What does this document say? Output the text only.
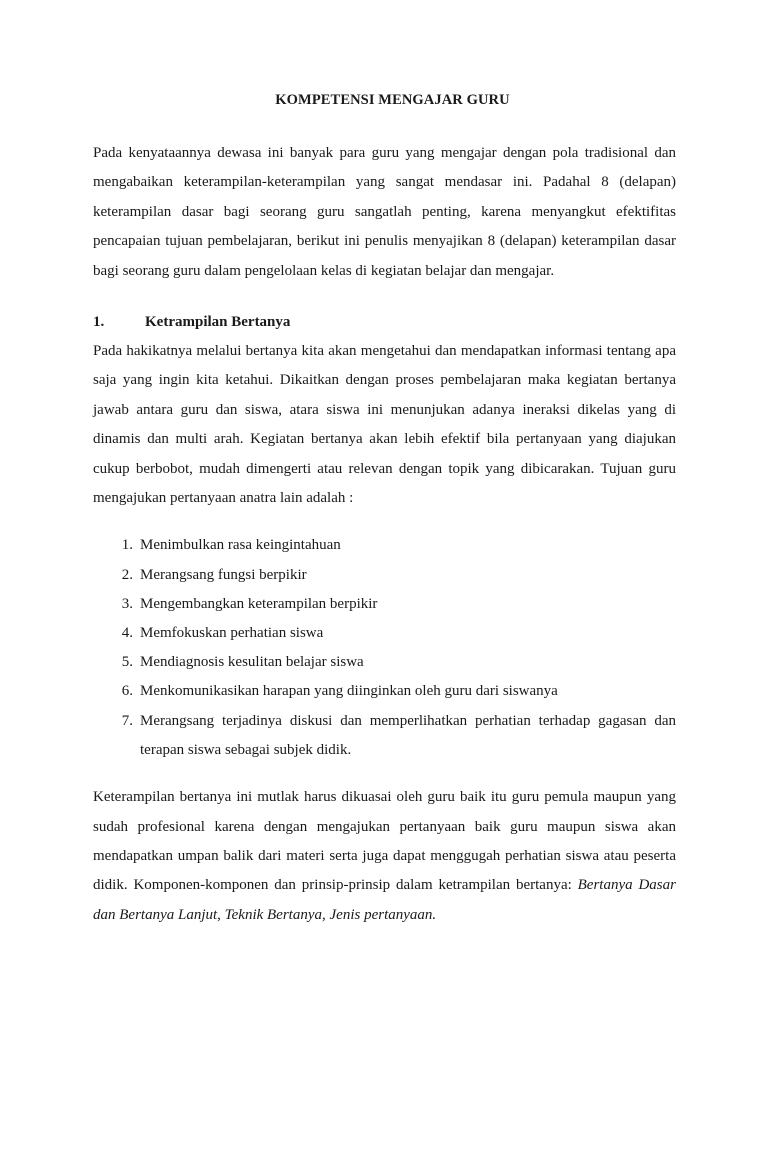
KOMPETENSI MENGAJAR GURU

Pada kenyataannya dewasa ini banyak para guru yang mengajar dengan pola tradisional dan mengabaikan keterampilan-keterampilan yang sangat mendasar ini. Padahal 8 (delapan) keterampilan dasar bagi seorang guru sangatlah penting, karena menyangkut efektifitas pencapaian tujuan pembelajaran, berikut ini penulis menyajikan 8 (delapan) keterampilan dasar bagi seorang guru dalam pengelolaan kelas di kegiatan belajar dan mengajar.

1.	Ketrampilan Bertanya

Pada hakikatnya melalui bertanya kita akan mengetahui dan mendapatkan informasi tentang apa saja yang ingin kita ketahui. Dikaitkan dengan proses pembelajaran maka kegiatan bertanya jawab antara guru dan siswa, atara siswa ini menunjukan adanya ineraksi dikelas yang di dinamis dan multi arah. Kegiatan bertanya akan lebih efektif bila pertanyaan yang diajukan cukup berbobot, mudah dimengerti atau relevan dengan topik yang dibicarakan. Tujuan guru mengajukan pertanyaan anatra lain adalah :

1. Menimbulkan rasa keingintahuan
2. Merangsang fungsi berpikir
3. Mengembangkan keterampilan berpikir
4. Memfokuskan perhatian siswa
5. Mendiagnosis kesulitan belajar siswa
6. Menkomunikasikan harapan yang diinginkan oleh guru dari siswanya
7. Merangsang terjadinya diskusi dan memperlihatkan perhatian terhadap gagasan dan terapan siswa sebagai subjek didik.

Keterampilan bertanya ini mutlak harus dikuasai oleh guru baik itu guru pemula maupun yang sudah profesional karena dengan mengajukan pertanyaan baik guru maupun siswa akan mendapatkan umpan balik dari materi serta juga dapat menggugah perhatian siswa atau peserta didik. Komponen-komponen dan prinsip-prinsip dalam ketrampilan bertanya: Bertanya Dasar dan Bertanya Lanjut, Teknik Bertanya, Jenis pertanyaan.
